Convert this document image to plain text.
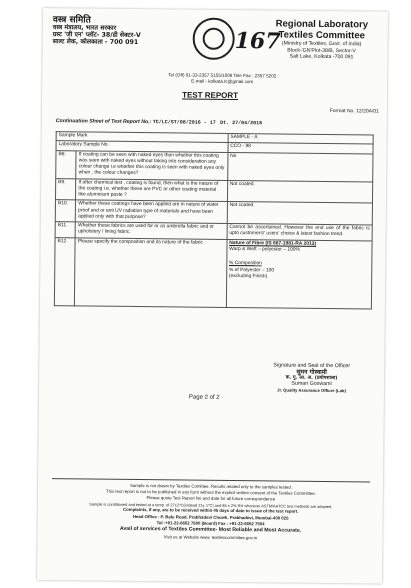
वस्त्र समिति
वस्त्र मंत्रालय, भारत सरकार
ग्रस्ट 'जी एन' प्लॉट- 38/डी सेक्टर-V
साल्ट लेक, कोलकाता - 700 091	167
Regional Laboratory
Textiles Committee
(Ministry of Textiles, Govt. of India)
Block-'GN'Plot-38/B, Sector-V
Salt Lake, Kolkata -700 091
Tel (Off) 91-33-2357 5155/1008 Tele Fax : 2357 5202
E-mail - kolkata.tc@gmail.com
TEST REPORT
Format No. 12/20A/01
Continuation Sheet of Test Report No.: TC/LC/ST/98/2016 - 17 Dt. 27/04/2016
Sample Mark		SAMPLE - A
Laboratory Sample No.		CCO - 98
B8.	If coating can be seen with naked eyes then whether this coating was seen with naked eyes without taking into consideration any colour change i.e whether this coating is seen with naked eyes only when , the colour changes?	No
B9.	If after chemical test , coating is found, then what is the nature of the coating i.e. whether these are PVC or other coating material like aluminium paste ?	Not coated.
B10.	Whether these coatings have been applied are in nature of water proof and or anti UV radiation type of materials and have been applied only with that purpose?	Not coated.
B11.	Whether these fabrics are used for or as umbrella fabric and or upholstery / lining fabric.	Cannot be ascertained. However the end use of the fabric is upto customers\' users' choice & latest fashion trend.
B12.	Please specify the composition and its nature of the fabric	Nature of Fibre (IS 667-1981-RA 2013)
Warp & Weft – polyester – 100%
% Composition
% of Polyester – 100
(excluding Finish)
Signature and Seal of the Officer
सुमन गोस्वामी
क. गु. आ. अ. (प्रयोगशाला)
Suman Goswami
Jr. Quality Assurance Officer (Lab)
Page 2 of 2
Sample is not drawn by Textiles Comittee. Results related only to the samples tested.
This test report is not to be published in any form without the explicit written consent of the Textiles Committee.
Please quote Test Report No and date for all future correspondence
Sample is conditioned and tested at a temp. of 27±2°C(instead 21± 1°C) and 65 ± 2% RH wherever ASTM/AATCC test methods are adopted.
Complaints, if any, are to be received within 45 days of date to issue of the test report.
Head Office : P. Balu Road, Prabhadevi Chowk, Prabhadevi, Mumbai-400 025
Tel :+91-22-6652 7500 (Board) Fax : +91-22-6652 7504
Avail of services of Textiles Committee- Most Reliable and Most Accurate.
Visit us at Website www. textilescommittee.gov.in
